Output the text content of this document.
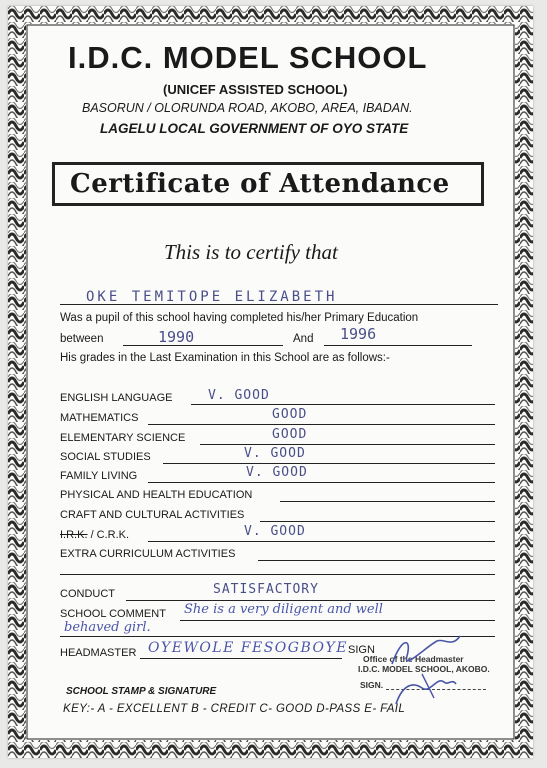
I.D.C. MODEL SCHOOL
(UNICEF ASSISTED SCHOOL)
BASORUN / OLORUNDA ROAD, AKOBO, AREA, IBADAN.
LAGELU LOCAL GOVERNMENT OF OYO STATE
Certificate of Attendance
This is to certify that
OKE TEMITOPE ELIZABETH
Was a pupil of this school having completed his/her Primary Education
between	1990	And 1996
His grades in the Last Examination in this School are as follows:-
ENGLISH LANGUAGE	V. GOOD
MATHEMATICS	GOOD
ELEMENTARY SCIENCE	GOOD
SOCIAL STUDIES	V. GOOD
FAMILY LIVING	V. GOOD
PHYSICAL AND HEALTH EDUCATION
CRAFT AND CULTURAL ACTIVITIES
I.R.K. / C.R.K.	V. GOOD
EXTRA CURRICULUM ACTIVITIES
CONDUCT	SATISFACTORY
SCHOOL COMMENT She is a very diligent and well
behaved girl.
HEADMASTER OYEWOLE FESOGBOYE SIGN
Office of the Headmaster
I.D.C. MODEL SCHOOL, AKOBO.
SIGN.
SCHOOL STAMP & SIGNATURE
KEY:- A - EXCELLENT B - CREDIT C- GOOD D-PASS E- FAIL
